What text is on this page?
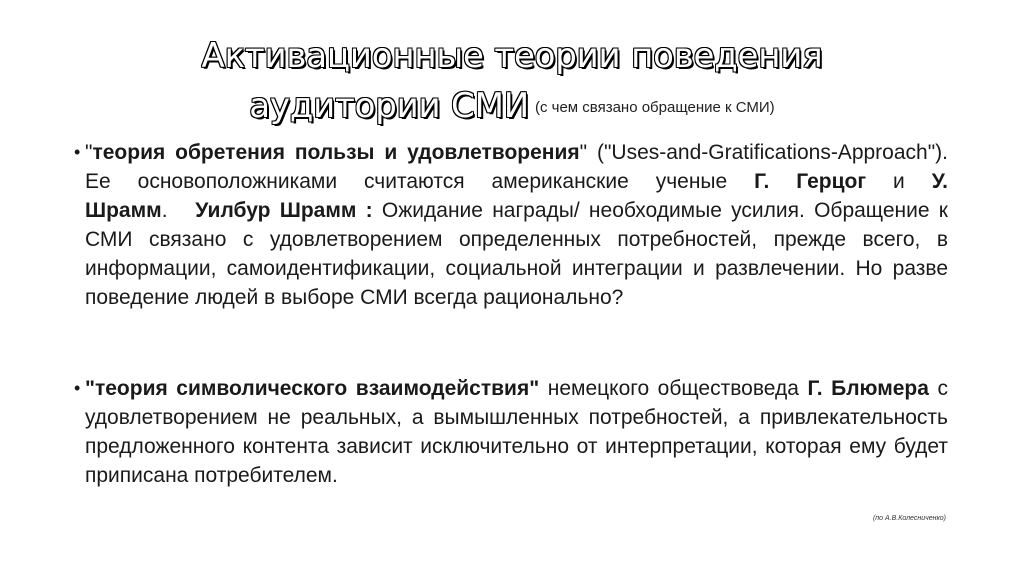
Активационные теории поведения
аудитории СМИ (с чем связано обращение к СМИ)
• "теория обретения пользы и удовлетворения" ("Uses-and-Gratifications-Approach"). Ее основоположниками считаются американские ученые Г. Герцог и У. Шрамм.   Уилбур Шрамм : Ожидание награды/ необходимые усилия. Обращение к СМИ связано с удовлетворением определенных потребностей, прежде всего, в информации, самоидентификации, социальной интеграции и развлечении. Но разве поведение людей в выборе СМИ всегда рационально?
• "теория символического взаимодействия" немецкого обществоведа Г. Блюмера с удовлетворением не реальных, а вымышленных потребностей, а привлекательность предложенного контента зависит исключительно от интерпретации, которая ему будет приписана потребителем.
(по А.В.Колесниченко)
